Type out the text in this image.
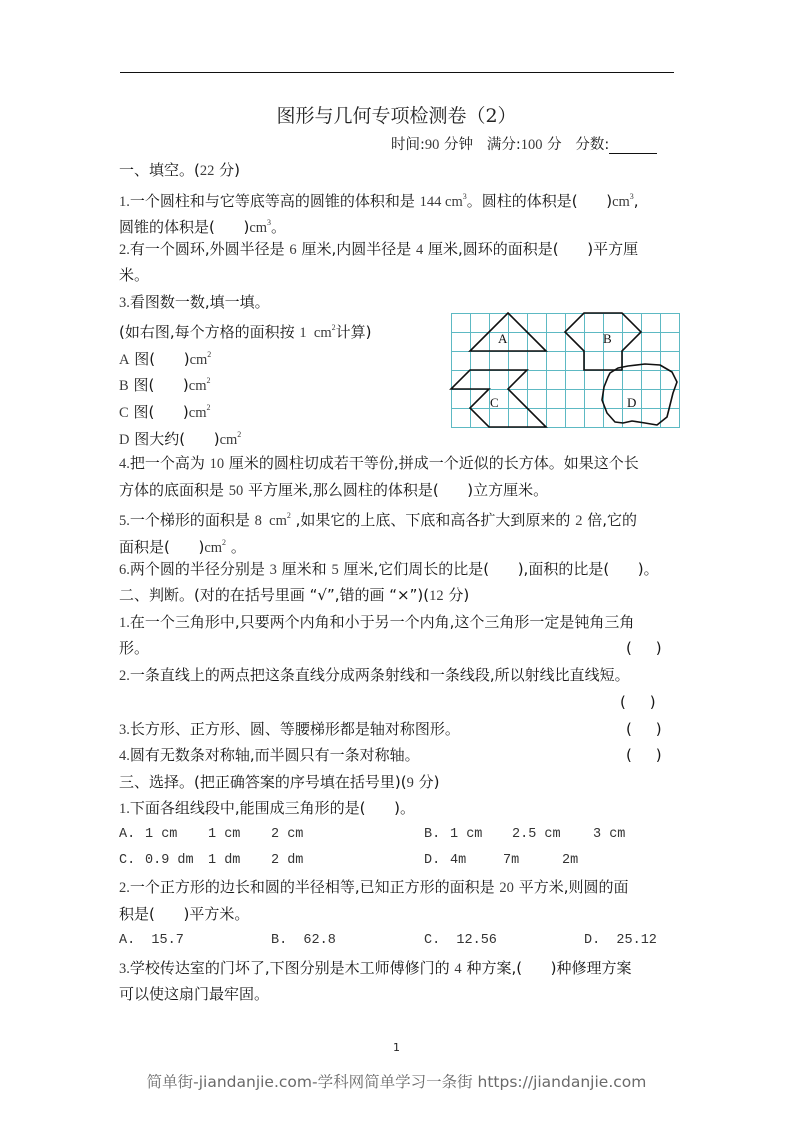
图形与几何专项检测卷（2）
时间:90 分钟   满分:100 分   分数:
一、填空。(22 分)
1.一个圆柱和与它等底等高的圆锥的体积和是 144 $cm^3$。圆柱的体积是(      )$cm^3$,
圆锥的体积是(      )$cm^3$。
2.有一个圆环,外圆半径是 6 厘米,内圆半径是 4 厘米,圆环的面积是(      )平方厘
米。
3.看图数一数,填一填。
(如右图,每个方格的面积按 1  $cm^2$计算)
A 图(      )$cm^2$
B 图(      )$cm^2$
C 图(      )$cm^2$
D 图大约(      )$cm^2$
A	B
C	D
4.把一个高为 10 厘米的圆柱切成若干等份,拼成一个近似的长方体。如果这个长
方体的底面积是 50 平方厘米,那么圆柱的体积是(      )立方厘米。
5.一个梯形的面积是 8  $cm^2$ ,如果它的上底、下底和高各扩大到原来的 2 倍,它的
面积是(      )$cm^2$ 。
6.两个圆的半径分别是 3 厘米和 5 厘米,它们周长的比是(      ),面积的比是(      )。
二、判断。(对的在括号里画 “√”,错的画 “×”)(12 分)
1.在一个三角形中,只要两个内角和小于另一个内角,这个三角形一定是钝角三角
形。	(     )
2.一条直线上的两点把这条直线分成两条射线和一条线段,所以射线比直线短。
(     )
3.长方形、正方形、圆、等腰梯形都是轴对称图形。	(     )
4.圆有无数条对称轴,而半圆只有一条对称轴。	(     )
三、选择。(把正确答案的序号填在括号里)(9 分)
1.下面各组线段中,能围成三角形的是(      )。
A. 1 cm 1 cm 2 cm	B. 1 cm 2.5 cm 3 cm
C. 0.9 dm 1 dm 2 dm	D. 4m	7m	2m
2.一个正方形的边长和圆的半径相等,已知正方形的面积是 20 平方米,则圆的面
积是(      )平方米。
A.  15.7	B.  62.8	C.  12.56	D.  25.12
3.学校传达室的门坏了,下图分别是木工师傅修门的 4 种方案,(      )种修理方案
可以使这扇门最牢固。
1
简单街-jiandanjie.com-学科网简单学习一条街 https://jiandanjie.com
